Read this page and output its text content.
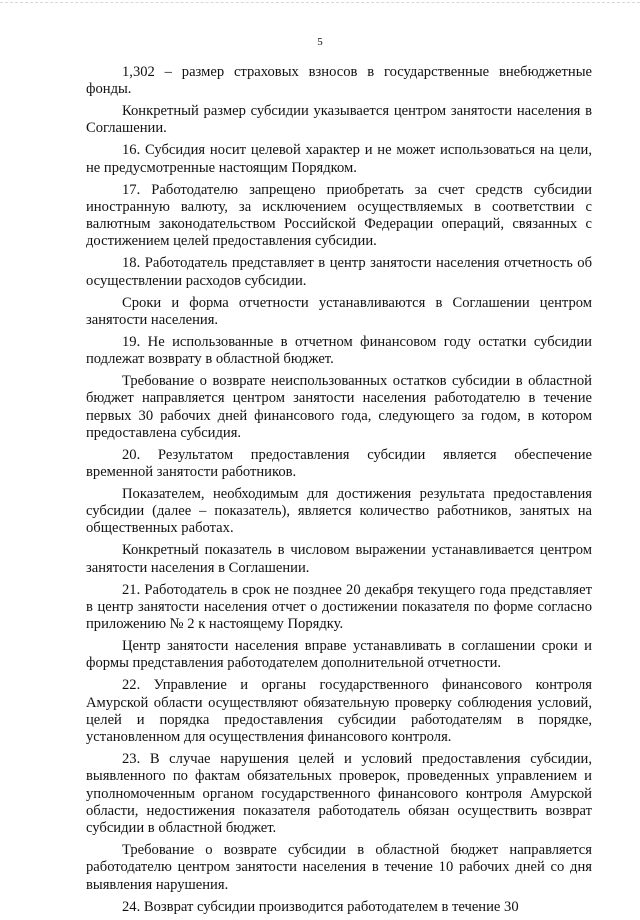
5

1,302 – размер страховых взносов в государственные внебюджетные фонды.

Конкретный размер субсидии указывается центром занятости населения в Соглашении.

16. Субсидия носит целевой характер и не может использоваться на цели, не предусмотренные настоящим Порядком.

17. Работодателю запрещено приобретать за счет средств субсидии иностранную валюту, за исключением осуществляемых в соответствии с валютным законодательством Российской Федерации операций, связанных с достижением целей предоставления субсидии.

18. Работодатель представляет в центр занятости населения отчетность об осуществлении расходов субсидии.

Сроки и форма отчетности устанавливаются в Соглашении центром занятости населения.

19. Не использованные в отчетном финансовом году остатки субсидии подлежат возврату в областной бюджет.

Требование о возврате неиспользованных остатков субсидии в областной бюджет направляется центром занятости населения работодателю в течение первых 30 рабочих дней финансового года, следующего за годом, в котором предоставлена субсидия.

20. Результатом предоставления субсидии является обеспечение временной занятости работников.

Показателем, необходимым для достижения результата предоставления субсидии (далее – показатель), является количество работников, занятых на общественных работах.

Конкретный показатель в числовом выражении устанавливается центром занятости населения в Соглашении.

21. Работодатель в срок не позднее 20 декабря текущего года представляет в центр занятости населения отчет о достижении показателя по форме согласно приложению № 2 к настоящему Порядку.

Центр занятости населения вправе устанавливать в соглашении сроки и формы представления работодателем дополнительной отчетности.

22. Управление и органы государственного финансового контроля Амурской области осуществляют обязательную проверку соблюдения условий, целей и порядка предоставления субсидии работодателям в порядке, установленном для осуществления финансового контроля.

23. В случае нарушения целей и условий предоставления субсидии, выявленного по фактам обязательных проверок, проведенных управлением и уполномоченным органом государственного финансового контроля Амурской области, недостижения показателя работодатель обязан осуществить возврат субсидии в областной бюджет.

Требование о возврате субсидии в областной бюджет направляется работодателю центром занятости населения в течение 10 рабочих дней со дня выявления нарушения.

24. Возврат субсидии производится работодателем в течение 30
